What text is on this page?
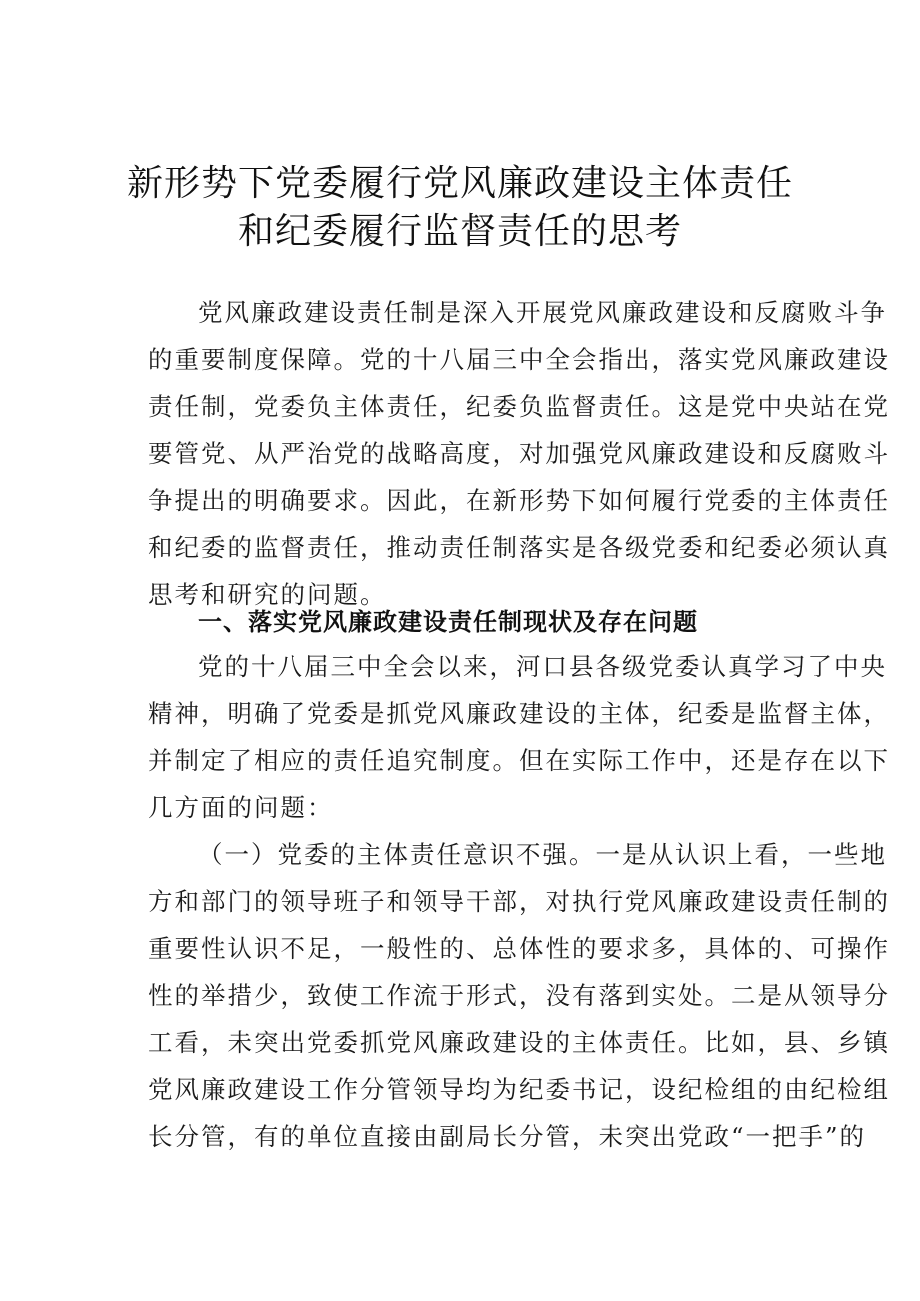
新形势下党委履行党风廉政建设主体责任
和纪委履行监督责任的思考
党风廉政建设责任制是深入开展党风廉政建设和反腐败斗争
的重要制度保障。党的十八届三中全会指出，落实党风廉政建设
责任制，党委负主体责任，纪委负监督责任。这是党中央站在党
要管党、从严治党的战略高度，对加强党风廉政建设和反腐败斗
争提出的明确要求。因此，在新形势下如何履行党委的主体责任
和纪委的监督责任，推动责任制落实是各级党委和纪委必须认真
思考和研究的问题。
一、落实党风廉政建设责任制现状及存在问题
党的十八届三中全会以来，河口县各级党委认真学习了中央
精神，明确了党委是抓党风廉政建设的主体，纪委是监督主体，
并制定了相应的责任追究制度。但在实际工作中，还是存在以下
几方面的问题：
（一）党委的主体责任意识不强。一是从认识上看，一些地
方和部门的领导班子和领导干部，对执行党风廉政建设责任制的
重要性认识不足，一般性的、总体性的要求多，具体的、可操作
性的举措少，致使工作流于形式，没有落到实处。二是从领导分
工看，未突出党委抓党风廉政建设的主体责任。比如，县、乡镇
党风廉政建设工作分管领导均为纪委书记，设纪检组的由纪检组
长分管，有的单位直接由副局长分管，未突出党政“一把手”的
